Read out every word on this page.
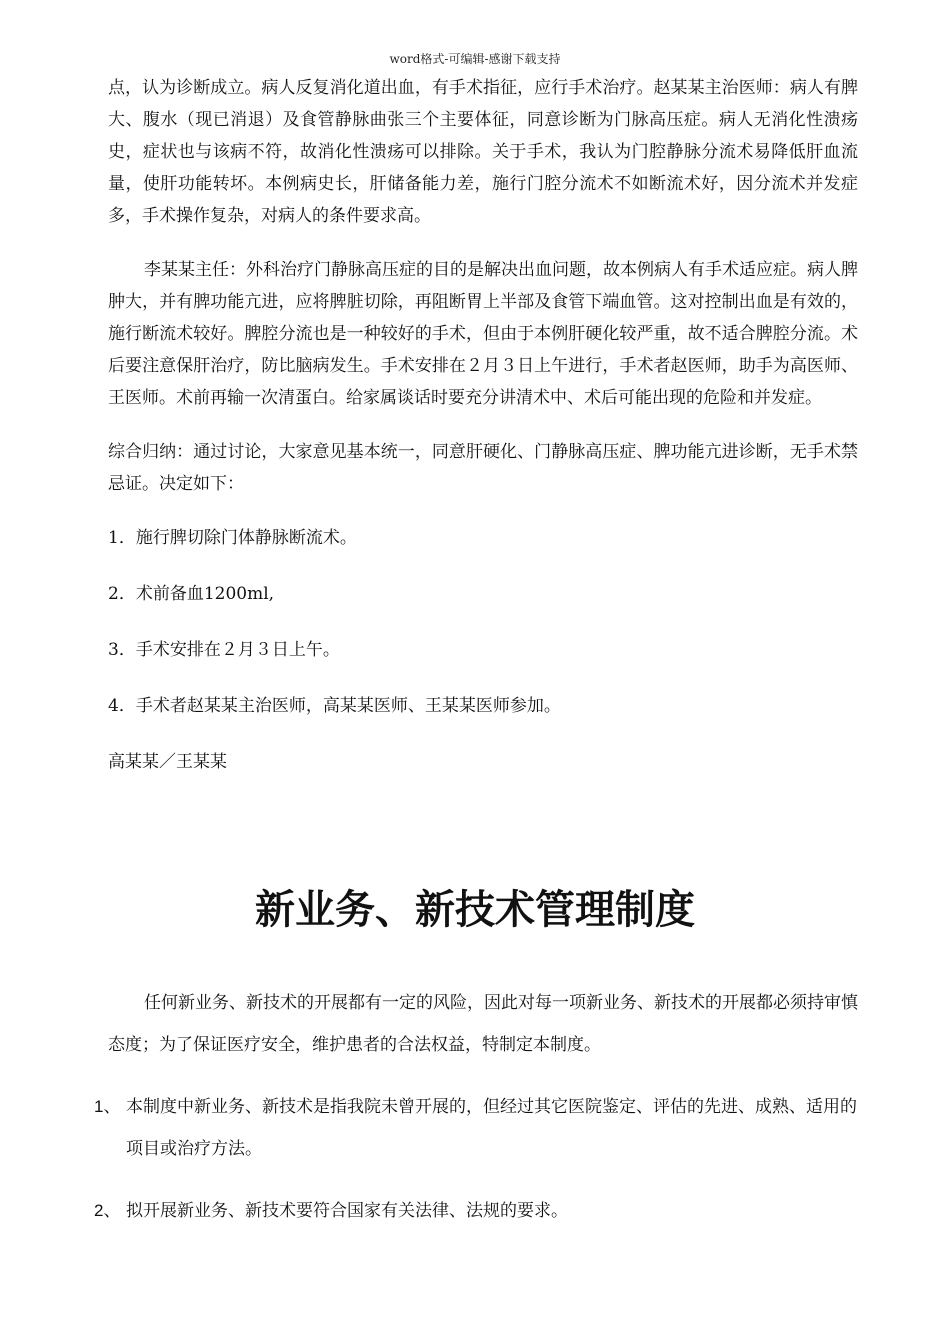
word格式-可编辑-感谢下载支持

点，认为诊断成立。病人反复消化道出血，有手术指征，应行手术治疗。赵某某主治医师：病人有脾大、腹水（现已消退）及食管静脉曲张三个主要体征，同意诊断为门脉高压症。病人无消化性溃疡史，症状也与该病不符，故消化性溃疡可以排除。关于手术，我认为门腔静脉分流术易降低肝血流量，使肝功能转坏。本例病史长，肝储备能力差，施行门腔分流术不如断流术好，因分流术并发症多，手术操作复杂，对病人的条件要求高。

李某某主任：外科治疗门静脉高压症的目的是解决出血问题，故本例病人有手术适应症。病人脾肿大，并有脾功能亢进，应将脾脏切除，再阻断胃上半部及食管下端血管。这对控制出血是有效的，施行断流术较好。脾腔分流也是一种较好的手术，但由于本例肝硬化较严重，故不适合脾腔分流。术后要注意保肝治疗，防比脑病发生。手术安排在２月３日上午进行，手术者赵医师，助手为高医师、王医师。术前再输一次清蛋白。给家属谈话时要充分讲清术中、术后可能出现的危险和并发症。

综合归纳：通过讨论，大家意见基本统一，同意肝硬化、门静脉高压症、脾功能亢进诊断，无手术禁忌证。决定如下：

1．施行脾切除门体静脉断流术。

2．术前备血1200ml,

3．手术安排在２月３日上午。

4．手术者赵某某主治医师，高某某医师、王某某医师参加。

高某某／王某某

新业务、新技术管理制度

任何新业务、新技术的开展都有一定的风险，因此对每一项新业务、新技术的开展都必须持审慎态度；为了保证医疗安全，维护患者的合法权益，特制定本制度。

1、 本制度中新业务、新技术是指我院未曾开展的，但经过其它医院鉴定、评估的先进、成熟、适用的项目或治疗方法。
2、 拟开展新业务、新技术要符合国家有关法律、法规的要求。
